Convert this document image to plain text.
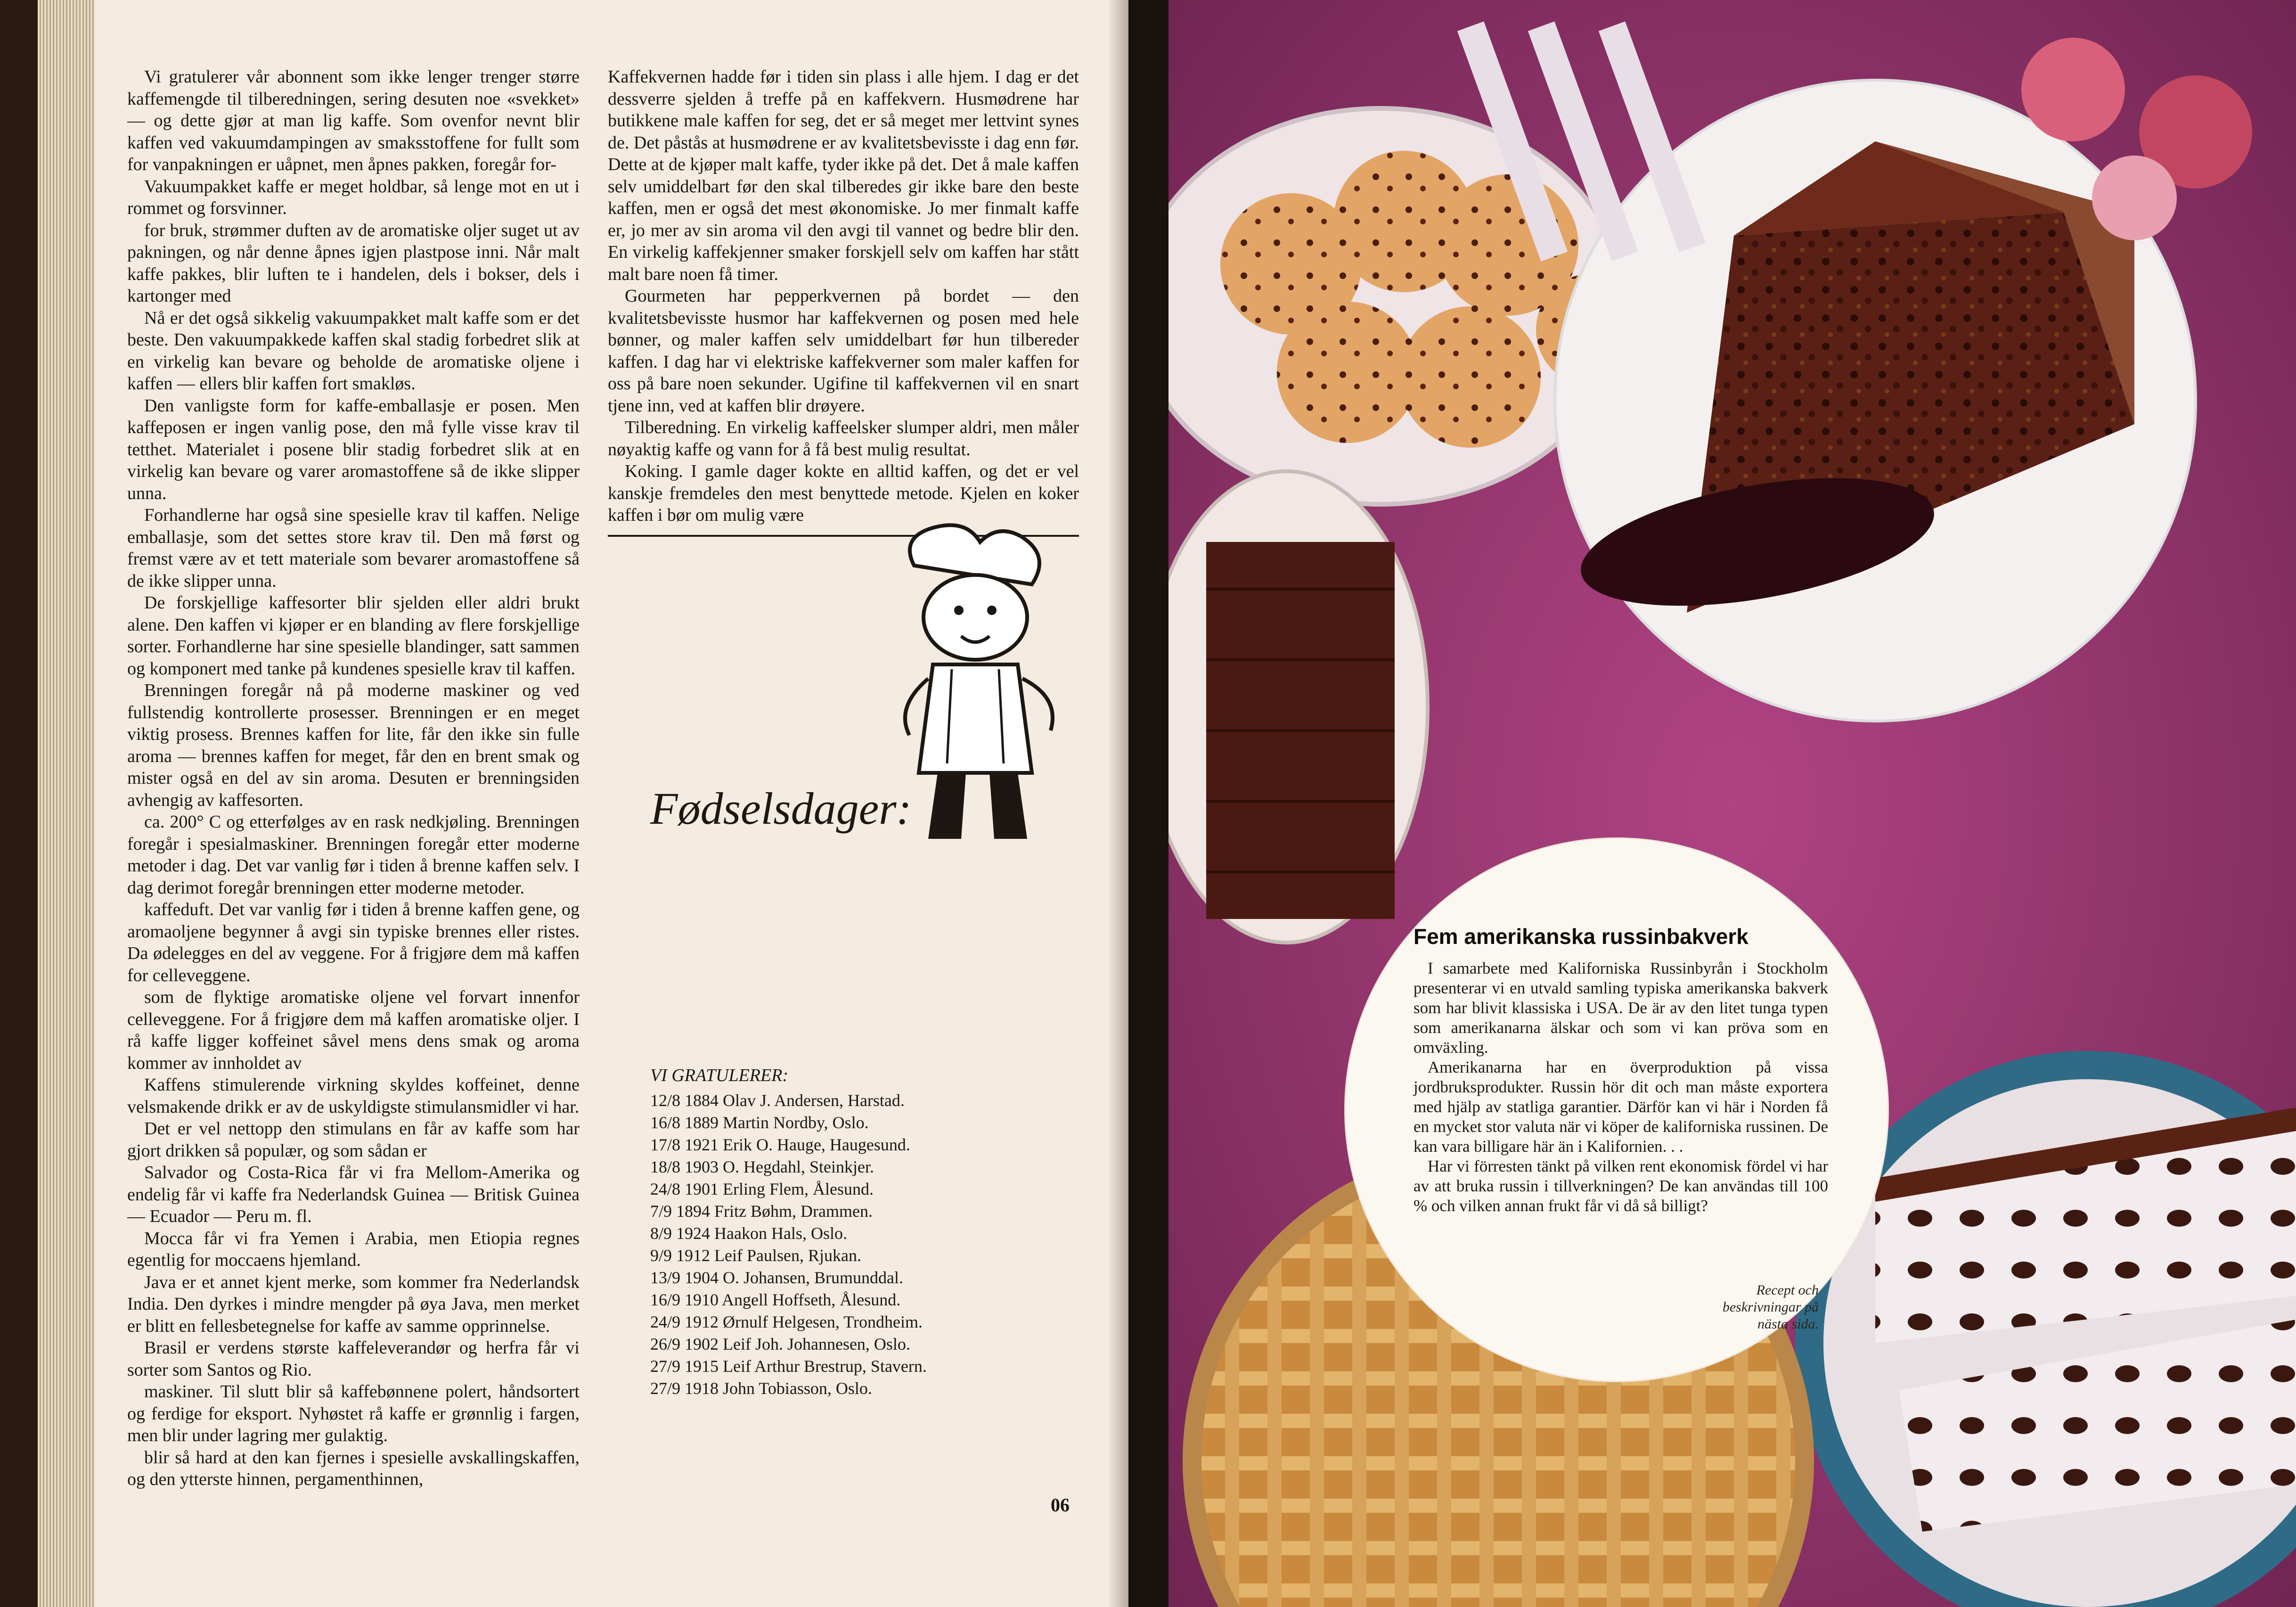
06

Vi gratulerer vår abonnent som ikke lenger trenger større kaffemengde til tilberedningen, sering desuten noe «svekket» — og dette gjør at man lig kaffe. Som ovenfor nevnt blir kaffen ved vakuumdampingen av smaksstoffene for fullt som for vanpakningen er uåpnet, men åpnes pakken, foregår for-

Vakuumpakket kaffe er meget holdbar, så lenge mot en ut i rommet og forsvinner.

for bruk, strømmer duften av de aromatiske oljer suget ut av pakningen, og når denne åpnes igjen plastpose inni. Når malt kaffe pakkes, blir luften te i handelen, dels i bokser, dels i kartonger med

Nå er det også sikkelig vakuumpakket malt kaffe som er det beste. Den vakuumpakkede kaffen skal stadig forbedret slik at en virkelig kan bevare og beholde de aromatiske oljene i kaffen — ellers blir kaffen fort smakløs.

Den vanligste form for kaffe-emballasje er posen. Men kaffeposen er ingen vanlig pose, den må fylle visse krav til tetthet. Materialet i posene blir stadig forbedret slik at en virkelig kan bevare og varer aromastoffene så de ikke slipper unna.

Forhandlerne har også sine spesielle krav til kaffen. Nelige emballasje, som det settes store krav til. Den må først og fremst være av et tett materiale som bevarer aromastoffene så de ikke slipper unna.

De forskjellige kaffesorter blir sjelden eller aldri brukt alene. Den kaffen vi kjøper er en blanding av flere forskjellige sorter. Forhandlerne har sine spesielle blandinger, satt sammen og komponert med tanke på kundenes spesielle krav til kaffen.

Brenningen foregår nå på moderne maskiner og ved fullstendig kontrollerte prosesser. Brenningen er en meget viktig prosess. Brennes kaffen for lite, får den ikke sin fulle aroma — brennes kaffen for meget, får den en brent smak og mister også en del av sin aroma. Desuten er brenningsiden avhengig av kaffesorten.

ca. 200° C og etterfølges av en rask nedkjøling. Brenningen foregår i spesialmaskiner. Brenningen foregår etter moderne metoder i dag. Det var vanlig før i tiden å brenne kaffen selv. I dag derimot foregår brenningen etter moderne metoder.

kaffeduft. Det var vanlig før i tiden å brenne kaffen gene, og aromaoljene begynner å avgi sin typiske brennes eller ristes. Da ødelegges en del av veggene. For å frigjøre dem må kaffen for celleveggene.

som de flyktige aromatiske oljene vel forvart innenfor celleveggene. For å frigjøre dem må kaffen aromatiske oljer. I rå kaffe ligger koffeinet såvel mens dens smak og aroma kommer av innholdet av

Kaffens stimulerende virkning skyldes koffeinet, denne velsmakende drikk er av de uskyldigste stimulansmidler vi har.

Det er vel nettopp den stimulans en får av kaffe som har gjort drikken så populær, og som sådan er

Salvador og Costa-Rica får vi fra Mellom-Amerika og endelig får vi kaffe fra Nederlandsk Guinea — Britisk Guinea — Ecuador — Peru m. fl.

Mocca får vi fra Yemen i Arabia, men Etiopia regnes egentlig for moccaens hjemland.

Java er et annet kjent merke, som kommer fra Nederlandsk India. Den dyrkes i mindre mengder på øya Java, men merket er blitt en fellesbetegnelse for kaffe av samme opprinnelse.

Brasil er verdens største kaffeleverandør og herfra får vi sorter som Santos og Rio.

maskiner. Til slutt blir så kaffebønnene polert, håndsortert og ferdige for eksport. Nyhøstet rå kaffe er grønnlig i fargen, men blir under lagring mer gulaktig.

blir så hard at den kan fjernes i spesielle avskallingskaffen, og den ytterste hinnen, pergamenthinnen,

Kaffekvernen hadde før i tiden sin plass i alle hjem. I dag er det dessverre sjelden å treffe på en kaffekvern. Husmødrene har butikkene male kaffen for seg, det er så meget mer lettvint synes de. Det påstås at husmødrene er av kvalitetsbevisste i dag enn før. Dette at de kjøper malt kaffe, tyder ikke på det. Det å male kaffen selv umiddelbart før den skal tilberedes gir ikke bare den beste kaffen, men er også det mest økonomiske. Jo mer finmalt kaffe er, jo mer av sin aroma vil den avgi til vannet og bedre blir den. En virkelig kaffekjenner smaker forskjell selv om kaffen har stått malt bare noen få timer.

Gourmeten har pepperkvernen på bordet — den kvalitetsbevisste husmor har kaffekvernen og posen med hele bønner, og maler kaffen selv umiddelbart før hun tilbereder kaffen. I dag har vi elektriske kaffekverner som maler kaffen for oss på bare noen sekunder. Ugifine til kaffekvernen vil en snart tjene inn, ved at kaffen blir drøyere.

Tilberedning. En virkelig kaffeelsker slumper aldri, men måler nøyaktig kaffe og vann for å få best mulig resultat.

Koking. I gamle dager kokte en alltid kaffen, og det er vel kanskje fremdeles den mest benyttede metode. Kjelen en koker kaffen i bør om mulig være

Fødselsdager:
VI GRATULERER:
12/8 1884 Olav J. Andersen, Harstad.
16/8 1889 Martin Nordby, Oslo.
17/8 1921 Erik O. Hauge, Haugesund.
18/8 1903 O. Hegdahl, Steinkjer.
24/8 1901 Erling Flem, Ålesund.
7/9 1894 Fritz Bøhm, Drammen.
8/9 1924 Haakon Hals, Oslo.
9/9 1912 Leif Paulsen, Rjukan.
13/9 1904 O. Johansen, Brumunddal.
16/9 1910 Angell Hoffseth, Ålesund.
24/9 1912 Ørnulf Helgesen, Trondheim.
26/9 1902 Leif Joh. Johannesen, Oslo.
27/9 1915 Leif Arthur Brestrup, Stavern.
27/9 1918 John Tobiasson, Oslo.
Fem amerikanska russinbakverk

I samarbete med Kaliforniska Russinbyrån i Stockholm presenterar vi en utvald samling typiska amerikanska bakverk som har blivit klassiska i USA. De är av den litet tunga typen som amerikanarna älskar och som vi kan pröva som en omväxling.

Amerikanarna har en överproduktion på vissa jordbruksprodukter. Russin hör dit och man måste exportera med hjälp av statliga garantier. Därför kan vi här i Norden få en mycket stor valuta när vi köper de kaliforniska russinen. De kan vara billigare här än i Kalifornien. . .

Har vi förresten tänkt på vilken rent ekonomisk fördel vi har av att bruka russin i tillverkningen? De kan användas till 100 % och vilken annan frukt får vi då så billigt?

Recept och beskrivningar på nästa sida.
